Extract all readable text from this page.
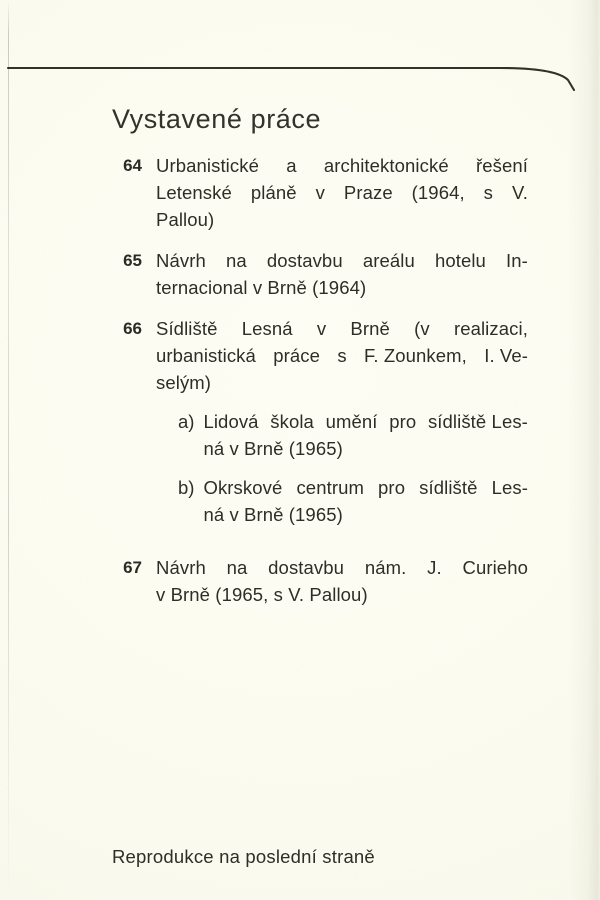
Vystavené práce
64 Urbanistické a architektonické řešení
Letenské pláně v Praze (1964, s V.
Pallou)
65 Návrh na dostavbu areálu hotelu In-
ternacional v Brně (1964)
66 Sídliště Lesná v Brně (v realizaci,
urbanistická práce s F. Zounkem, I. Ve-
selým)
a) Lidová škola umění pro sídliště Les-
ná v Brně (1965)
b) Okrskové centrum pro sídliště Les-
ná v Brně (1965)
67 Návrh na dostavbu nám. J. Curieho
v Brně (1965, s V. Pallou)
Reprodukce na poslední straně
